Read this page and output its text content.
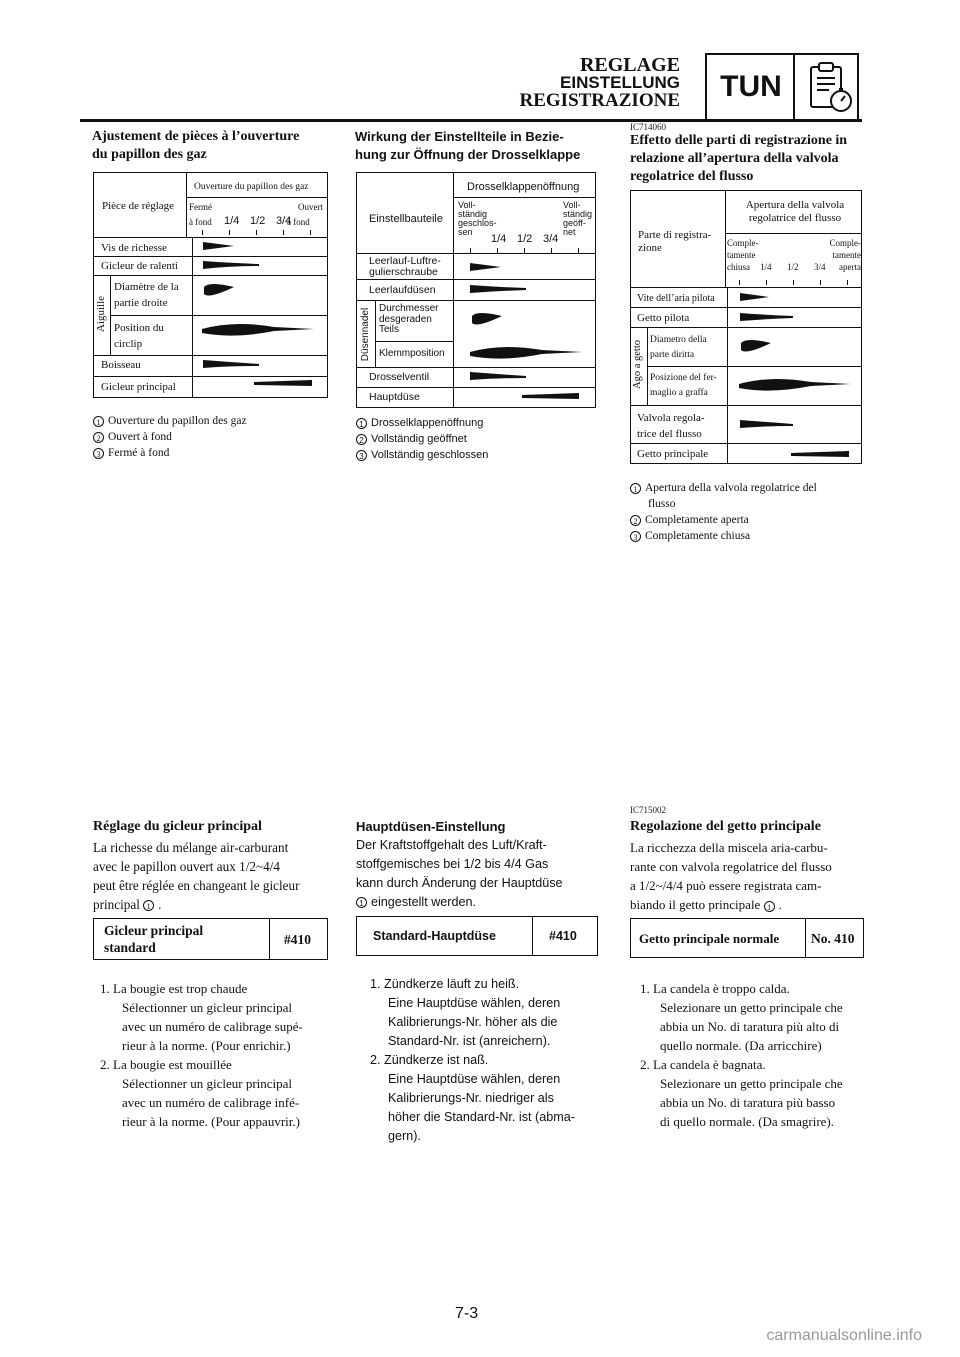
REGLAGE
EINSTELLUNG
REGISTRAZIONE	TUN
IC714060
Ajustement de pièces à l’ouverture
du papillon des gaz
Pièce de réglage
Ouverture du papillon des gaz
Fermé
à fond
Ouvert
à fond
1/4 1/2 3/4
Vis de richesse
Gicleur de ralenti
Aiguille
Diamètre de la
partie droite
Position du
circlip
Boisseau
Gicleur principal
1 Ouverture du papillon des gaz
2 Ouvert à fond
3 Fermé à fond
Réglage du gicleur principal
La richesse du mélange air-carburant
avec le papillon ouvert aux 1/2~4/4
peut être réglée en changeant le gicleur
principal 1 .
Gicleur principal
standard
#410
1. La bougie est trop chaude
Sélectionner un gicleur principal
avec un numéro de calibrage supé-
rieur à la norme. (Pour enrichir.)
2. La bougie est mouillée
Sélectionner un gicleur principal
avec un numéro de calibrage infé-
rieur à la norme. (Pour appauvrir.)
Wirkung der Einstellteile in Bezie-
hung zur Öffnung der Drosselklappe
Einstellbauteile
Drosselklappenöffnung
Voll-
ständig
geschlos-
sen
Voll-
ständig
geöff-
net
1/4 1/2 3/4
Leerlauf-Luftre-
gulierschraube
Leerlaufdüsen
Düsennadel Durchmesser
desgeraden
Teils
Klemmposition
Drosselventil
Hauptdüse
1 Drosselklappenöffnung
2 Vollständig geöffnet
3 Vollständig geschlossen
Hauptdüsen-Einstellung
Der Kraftstoffgehalt des Luft/Kraft-
stoffgemisches bei 1/2 bis 4/4 Gas
kann durch Änderung der Hauptdüse
1 eingestellt werden.
Standard-Hauptdüse	#410
1. Zündkerze läuft zu heiß.
Eine Hauptdüse wählen, deren
Kalibrierungs-Nr. höher als die
Standard-Nr. ist (anreichern).
2. Zündkerze ist naß.
Eine Hauptdüse wählen, deren
Kalibrierungs-Nr. niedriger als
höher die Standard-Nr. ist (abma-
gern).
Effetto delle parti di registrazione in
relazione all’apertura della valvola
regolatrice del flusso
Parte di registra-
zione
Apertura della valvola
regolatrice del flusso
Comple-
tamente
chiusa
Comple-
tamente
aperta
1/4 1/2 3/4
Vite dell’aria pilota
Getto pilota
Ago a getto Diametro della
parte diritta
Posizione del fer-
maglio a graffa
Valvola regola-
trice del flusso
Getto principale
1 Apertura della valvola regolatrice del
flusso
2 Completamente aperta
3 Completamente chiusa
IC715002
Regolazione del getto principale
La ricchezza della miscela aria-carbu-
rante con valvola regolatrice del flusso
a 1/2~/4/4 può essere registrata cam-
biando il getto principale 1 .
Getto principale normale No. 410
1. La candela è troppo calda.
Selezionare un getto principale che
abbia un No. di taratura più alto di
quello normale. (Da arricchire)
2. La candela è bagnata.
Selezionare un getto principale che
abbia un No. di taratura più basso
di quello normale. (Da smagrire).
7-3
carmanualsonline.info
